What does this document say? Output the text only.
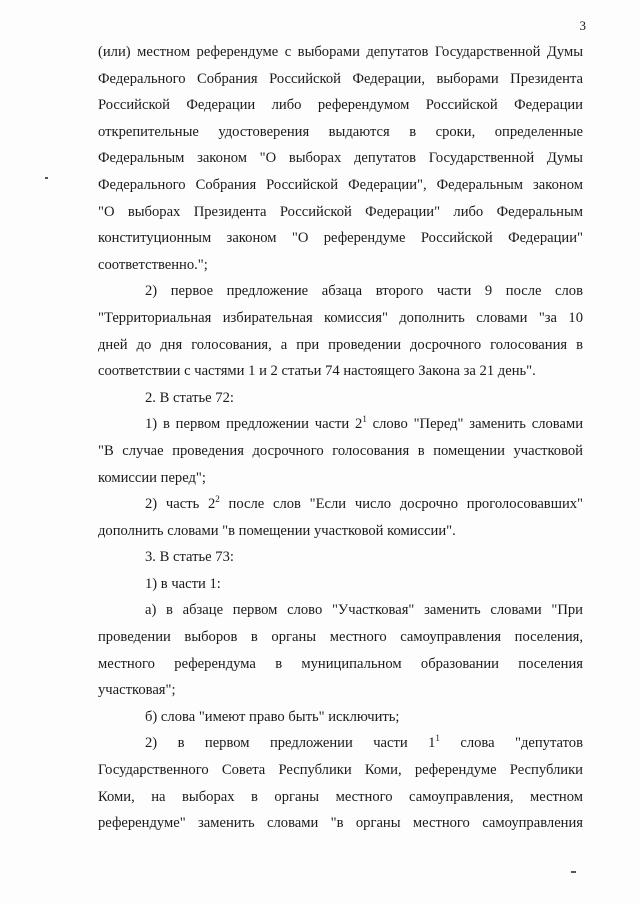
3
(или) местном референдуме с выборами депутатов Государственной Думы
Федерального Собрания Российской Федерации, выборами Президента
Российской Федерации либо референдумом Российской Федерации
открепительные удостоверения выдаются в сроки, определенные
Федеральным законом "О выборах депутатов Государственной Думы
Федерального Собрания Российской Федерации", Федеральным законом
"О выборах Президента Российской Федерации" либо Федеральным
конституционным законом "О референдуме Российской Федерации"
соответственно.";
2) первое предложение абзаца второго части 9 после слов
"Территориальная избирательная комиссия" дополнить словами "за 10
дней до дня голосования, а при проведении досрочного голосования в
соответствии с частями 1 и 2 статьи 74 настоящего Закона за 21 день".
2. В статье 72:
1) в первом предложении части $2^1$ слово "Перед" заменить словами
"В случае проведения досрочного голосования в помещении участковой
комиссии перед";
2) часть $2^2$ после слов "Если число досрочно проголосовавших"
дополнить словами "в помещении участковой комиссии".
3. В статье 73:
1) в части 1:
а) в абзаце первом слово "Участковая" заменить словами "При
проведении выборов в органы местного самоуправления поселения,
местного референдума в муниципальном образовании поселения
участковая";
б) слова "имеют право быть" исключить;
2) в первом предложении части $1^1$ слова "депутатов
Государственного Совета Республики Коми, референдуме Республики
Коми, на выборах в органы местного самоуправления, местном
референдуме" заменить словами "в органы местного самоуправления
